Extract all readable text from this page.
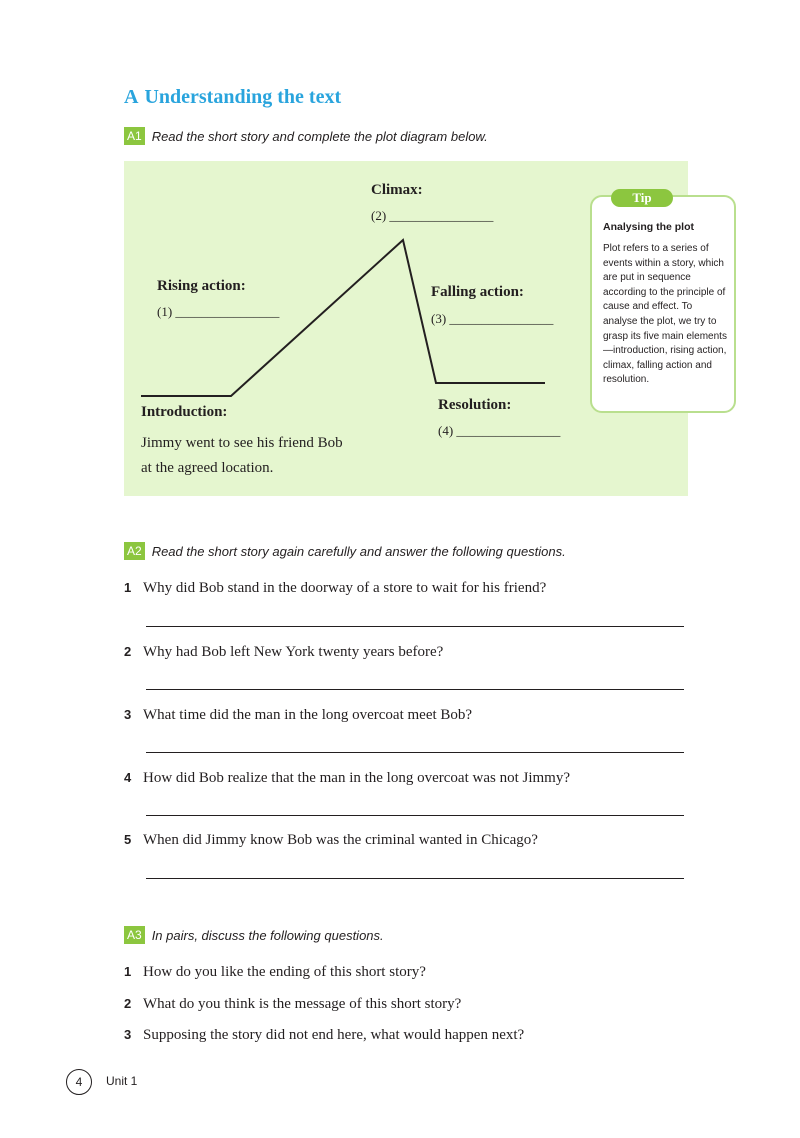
A Understanding the text
A1 Read the short story and complete the plot diagram below.
Climax:
(2) ________________
Rising action:
(1) ________________
Falling action:
(3) ________________
Introduction:
Jimmy went to see his friend Bob
at the agreed location.
Resolution:
(4) ________________
Tip
Analysing the plot
Plot refers to a series of events within a story, which are put in sequence according to the principle of cause and effect. To analyse the plot, we try to grasp its five main elements—introduction, rising action, climax, falling action and resolution.
A2 Read the short story again carefully and answer the following questions.
1 Why did Bob stand in the doorway of a store to wait for his friend?
2 Why had Bob left New York twenty years before?
3 What time did the man in the long overcoat meet Bob?
4 How did Bob realize that the man in the long overcoat was not Jimmy?
5 When did Jimmy know Bob was the criminal wanted in Chicago?
A3 In pairs, discuss the following questions.
1 How do you like the ending of this short story?
2 What do you think is the message of this short story?
3 Supposing the story did not end here, what would happen next?
4	Unit 1
